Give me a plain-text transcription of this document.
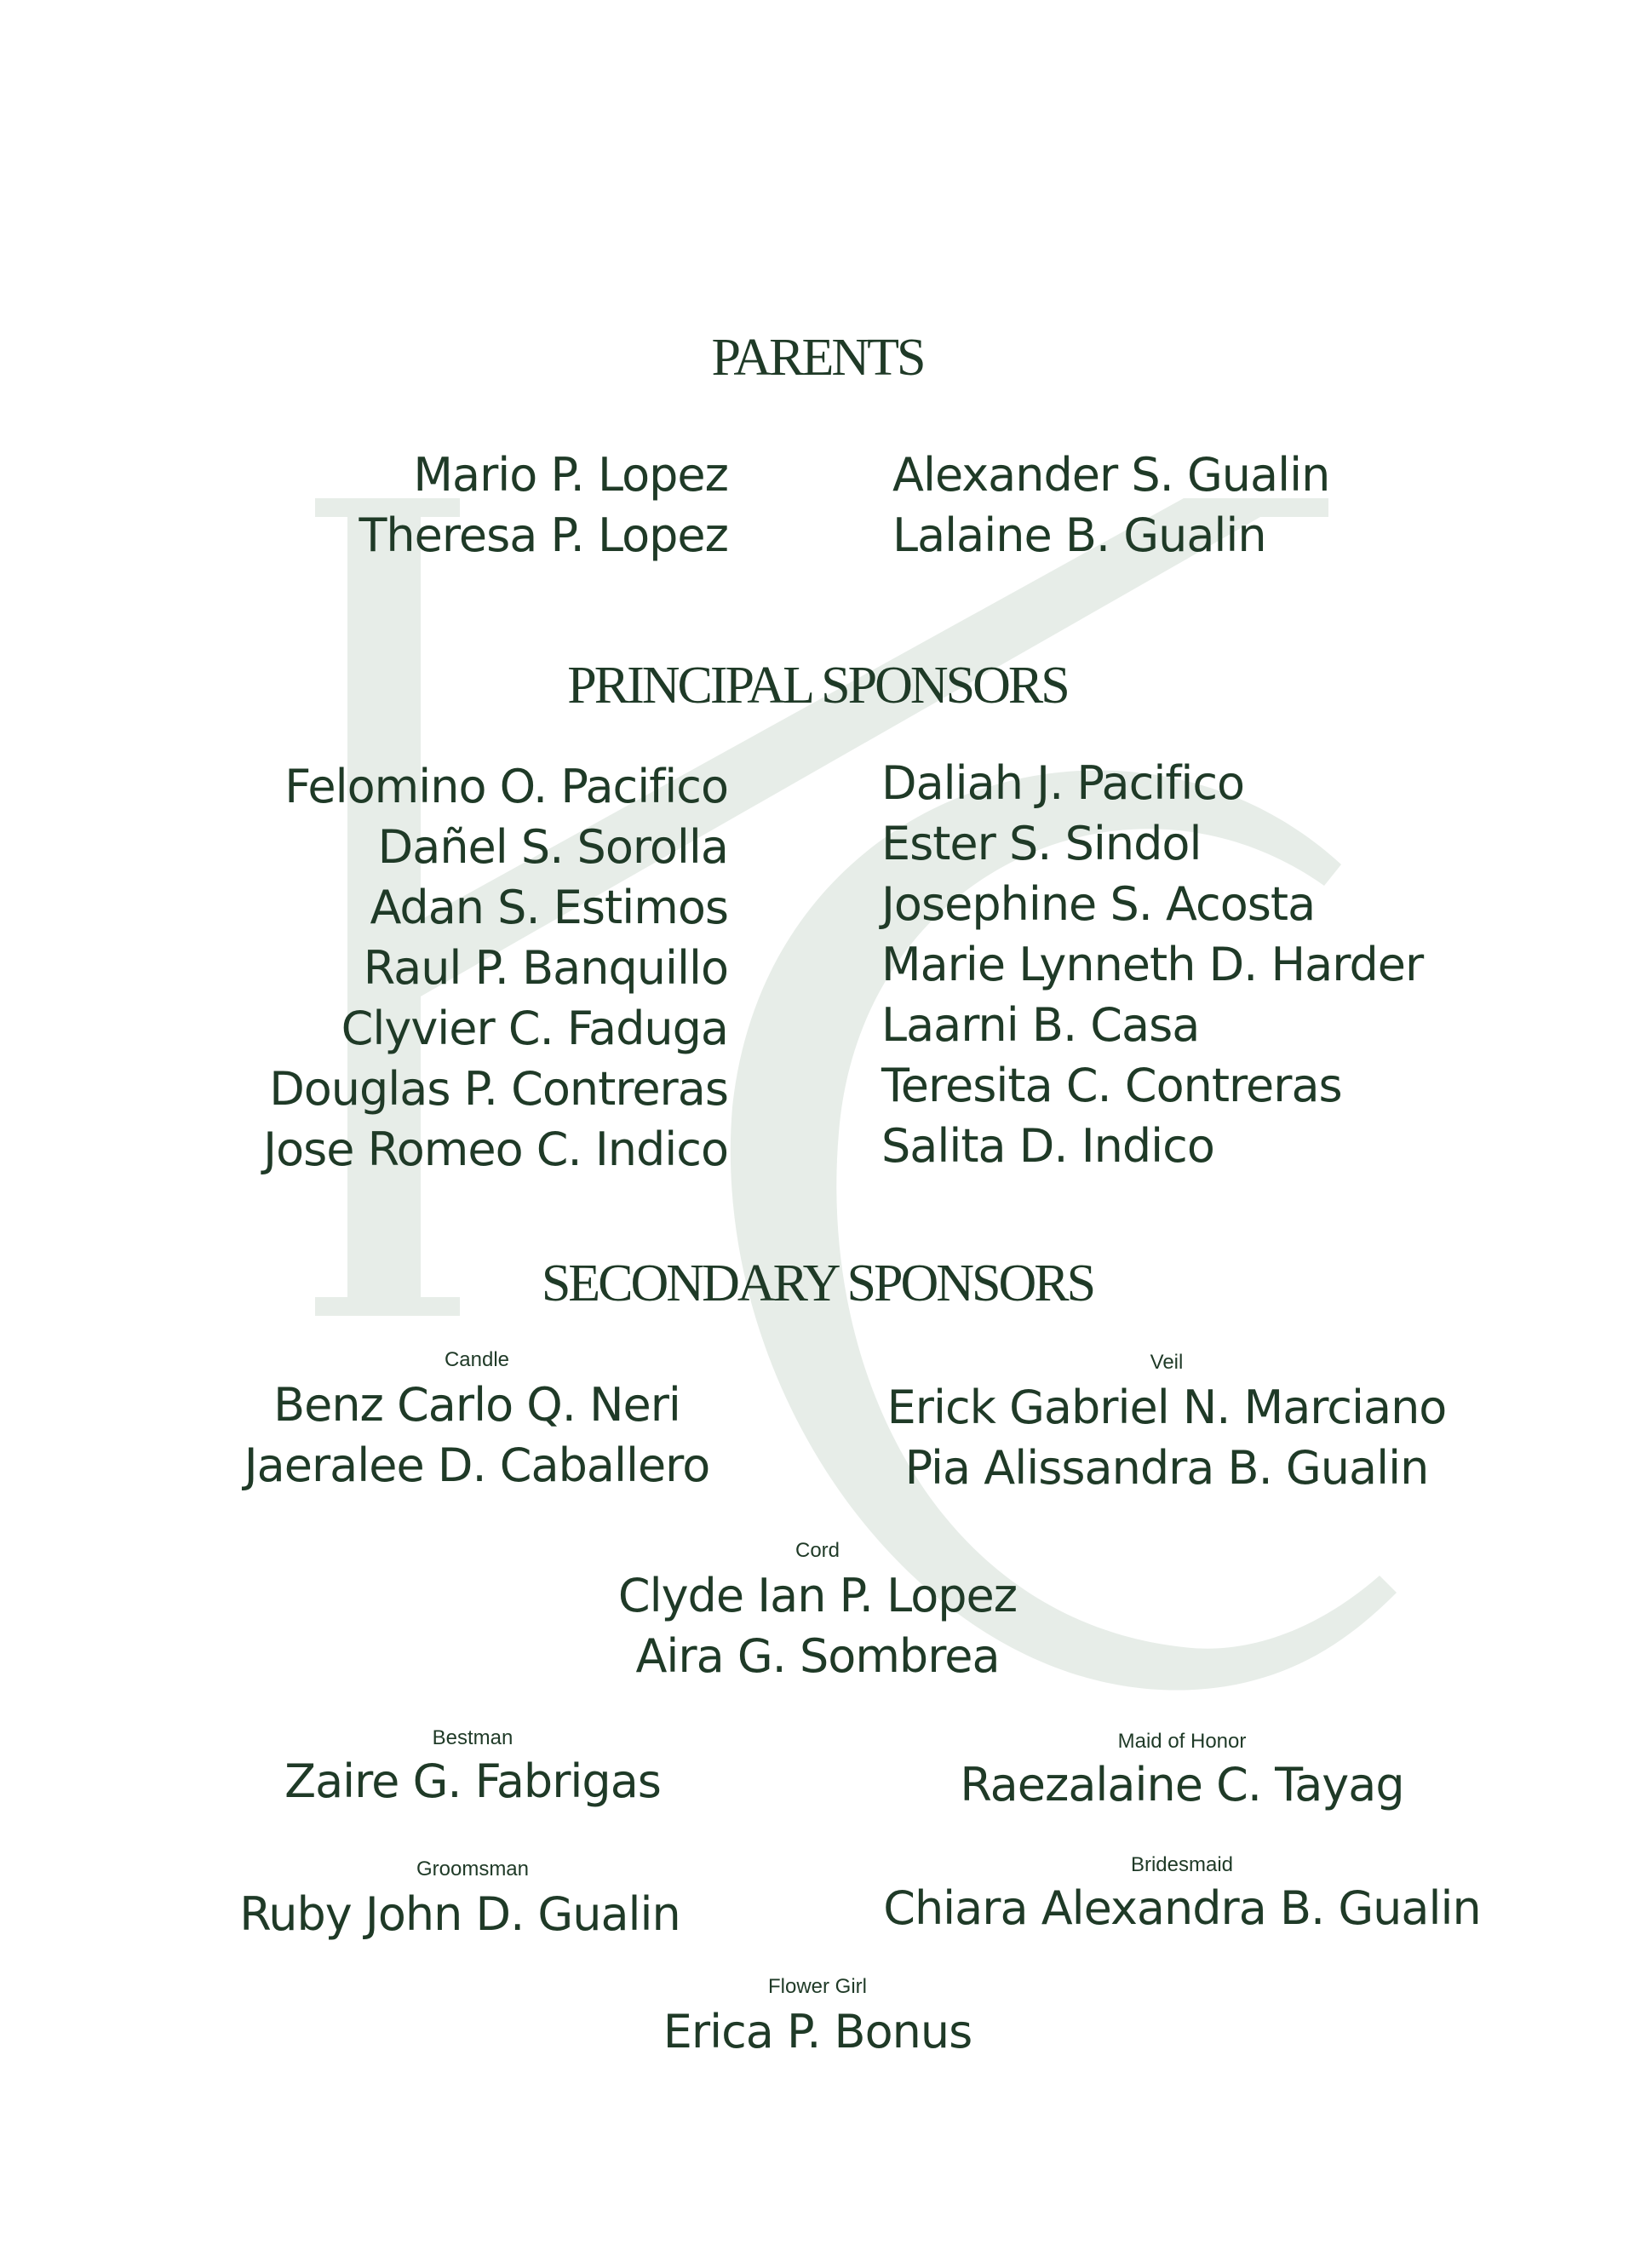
PARENTS
Mario P. Lopez
Theresa P. Lopez
Alexander S. Gualin
Lalaine B. Gualin
PRINCIPAL SPONSORS
Felomino O. Pacifico
Dañel S. Sorolla
Adan S. Estimos
Raul P. Banquillo
Clyvier C. Faduga
Douglas P. Contreras
Jose Romeo C. Indico
Daliah J. Pacifico
Ester S. Sindol
Josephine S. Acosta
Marie Lynneth D. Harder
Laarni B. Casa
Teresita C. Contreras
Salita D. Indico
SECONDARY SPONSORS
Candle
Benz Carlo Q. Neri
Jaeralee D. Caballero
Veil
Erick Gabriel N. Marciano
Pia Alissandra B. Gualin
Cord
Clyde Ian P. Lopez
Aira G. Sombrea
Bestman
Zaire G. Fabrigas
Maid of Honor
Raezalaine C. Tayag
Groomsman
Ruby John D. Gualin
Bridesmaid
Chiara Alexandra B. Gualin
Flower Girl
Erica P. Bonus
